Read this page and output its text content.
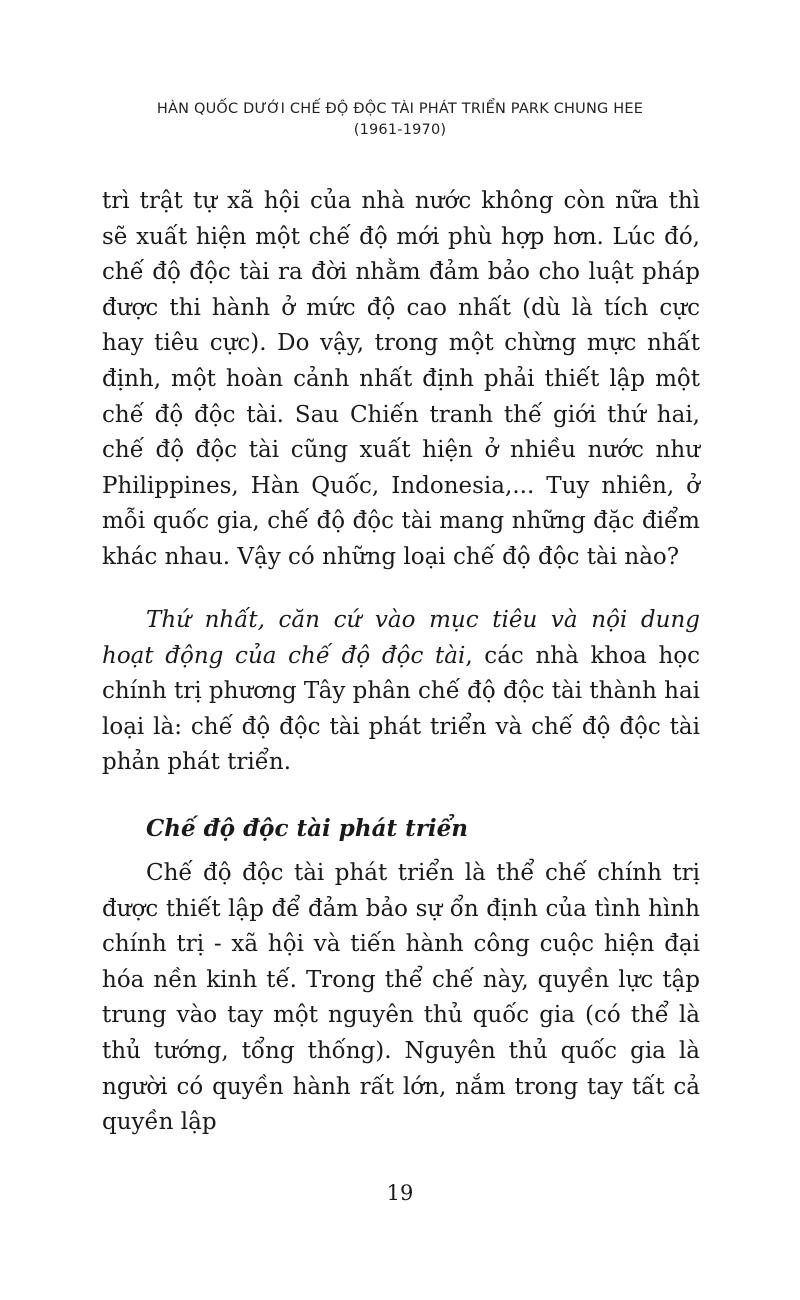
HÀN QUỐC DƯỚI CHẾ ĐỘ ĐỘC TÀI PHÁT TRIỂN PARK CHUNG HEE
(1961-1970)

trì trật tự xã hội của nhà nước không còn nữa thì sẽ xuất hiện một chế độ mới phù hợp hơn. Lúc đó, chế độ độc tài ra đời nhằm đảm bảo cho luật pháp được thi hành ở mức độ cao nhất (dù là tích cực hay tiêu cực). Do vậy, trong một chừng mực nhất định, một hoàn cảnh nhất định phải thiết lập một chế độ độc tài. Sau Chiến tranh thế giới thứ hai, chế độ độc tài cũng xuất hiện ở nhiều nước như Philippines, Hàn Quốc, Indonesia,... Tuy nhiên, ở mỗi quốc gia, chế độ độc tài mang những đặc điểm khác nhau. Vậy có những loại chế độ độc tài nào?

Thứ nhất, căn cứ vào mục tiêu và nội dung hoạt động của chế độ độc tài, các nhà khoa học chính trị phương Tây phân chế độ độc tài thành hai loại là: chế độ độc tài phát triển và chế độ độc tài phản phát triển.

Chế độ độc tài phát triển

Chế độ độc tài phát triển là thể chế chính trị được thiết lập để đảm bảo sự ổn định của tình hình chính trị - xã hội và tiến hành công cuộc hiện đại hóa nền kinh tế. Trong thể chế này, quyền lực tập trung vào tay một nguyên thủ quốc gia (có thể là thủ tướng, tổng thống). Nguyên thủ quốc gia là người có quyền hành rất lớn, nắm trong tay tất cả quyền lập

19
